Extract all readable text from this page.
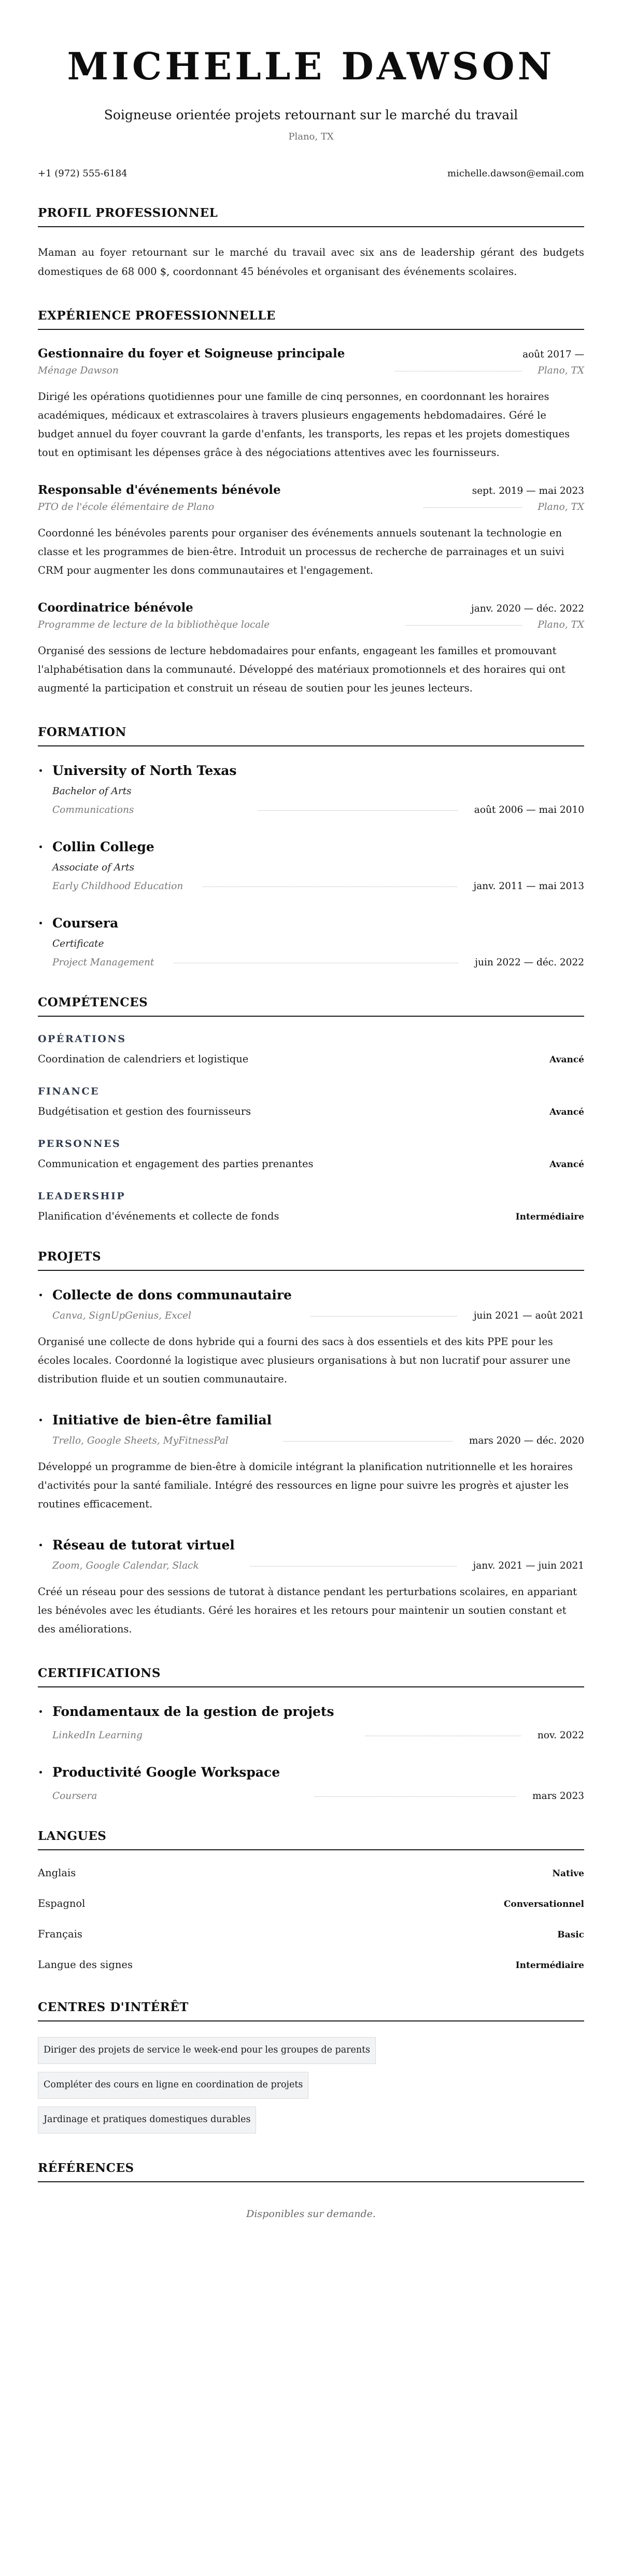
MICHELLE DAWSON
Soigneuse orientée projets retournant sur le marché du travail
Plano, TX
+1 (972) 555-6184	michelle.dawson@email.com
PROFIL PROFESSIONNEL

Maman au foyer retournant sur le marché du travail avec six ans de leadership gérant des budgets domestiques de 68 000 $, coordonnant 45 bénévoles et organisant des événements scolaires.

EXPÉRIENCE PROFESSIONNELLE
Gestionnaire du foyer et Soigneuse principale	août 2017 —
Ménage Dawson	Plano, TX

Dirigé les opérations quotidiennes pour une famille de cinq personnes, en coordonnant les horaires académiques, médicaux et extrascolaires à travers plusieurs engagements hebdomadaires. Géré le budget annuel du foyer couvrant la garde d'enfants, les transports, les repas et les projets domestiques tout en optimisant les dépenses grâce à des négociations attentives avec les fournisseurs.

Responsable d'événements bénévole	sept. 2019 — mai 2023
PTO de l'école élémentaire de Plano	Plano, TX

Coordonné les bénévoles parents pour organiser des événements annuels soutenant la technologie en classe et les programmes de bien-être. Introduit un processus de recherche de parrainages et un suivi CRM pour augmenter les dons communautaires et l'engagement.

Coordinatrice bénévole	janv. 2020 — déc. 2022
Programme de lecture de la bibliothèque locale	Plano, TX

Organisé des sessions de lecture hebdomadaires pour enfants, engageant les familles et promouvant l'alphabétisation dans la communauté. Développé des matériaux promotionnels et des horaires qui ont augmenté la participation et construit un réseau de soutien pour les jeunes lecteurs.

FORMATION
University of North Texas
Bachelor of Arts
Communications	août 2006 — mai 2010
Collin College
Associate of Arts
Early Childhood Education	janv. 2011 — mai 2013
Coursera
Certificate
Project Management	juin 2022 — déc. 2022
COMPÉTENCES
OPÉRATIONS
Coordination de calendriers et logistique	Avancé
FINANCE
Budgétisation et gestion des fournisseurs	Avancé
PERSONNES
Communication et engagement des parties prenantes	Avancé
LEADERSHIP
Planification d'événements et collecte de fonds	Intermédiaire
PROJETS
Collecte de dons communautaire
Canva, SignUpGenius, Excel	juin 2021 — août 2021

Organisé une collecte de dons hybride qui a fourni des sacs à dos essentiels et des kits PPE pour les écoles locales. Coordonné la logistique avec plusieurs organisations à but non lucratif pour assurer une distribution fluide et un soutien communautaire.

Initiative de bien-être familial
Trello, Google Sheets, MyFitnessPal	mars 2020 — déc. 2020

Développé un programme de bien-être à domicile intégrant la planification nutritionnelle et les horaires d'activités pour la santé familiale. Intégré des ressources en ligne pour suivre les progrès et ajuster les routines efficacement.

Réseau de tutorat virtuel
Zoom, Google Calendar, Slack	janv. 2021 — juin 2021

Créé un réseau pour des sessions de tutorat à distance pendant les perturbations scolaires, en appariant les bénévoles avec les étudiants. Géré les horaires et les retours pour maintenir un soutien constant et des améliorations.

CERTIFICATIONS
Fondamentaux de la gestion de projets
LinkedIn Learning	nov. 2022
Productivité Google Workspace
Coursera	mars 2023
LANGUES
Anglais	Native
Espagnol	Conversationnel
Français	Basic
Langue des signes	Intermédiaire
CENTRES D'INTÉRÊT
Diriger des projets de service le week-end pour les groupes de parents
Compléter des cours en ligne en coordination de projets
Jardinage et pratiques domestiques durables
RÉFÉRENCES

Disponibles sur demande.
